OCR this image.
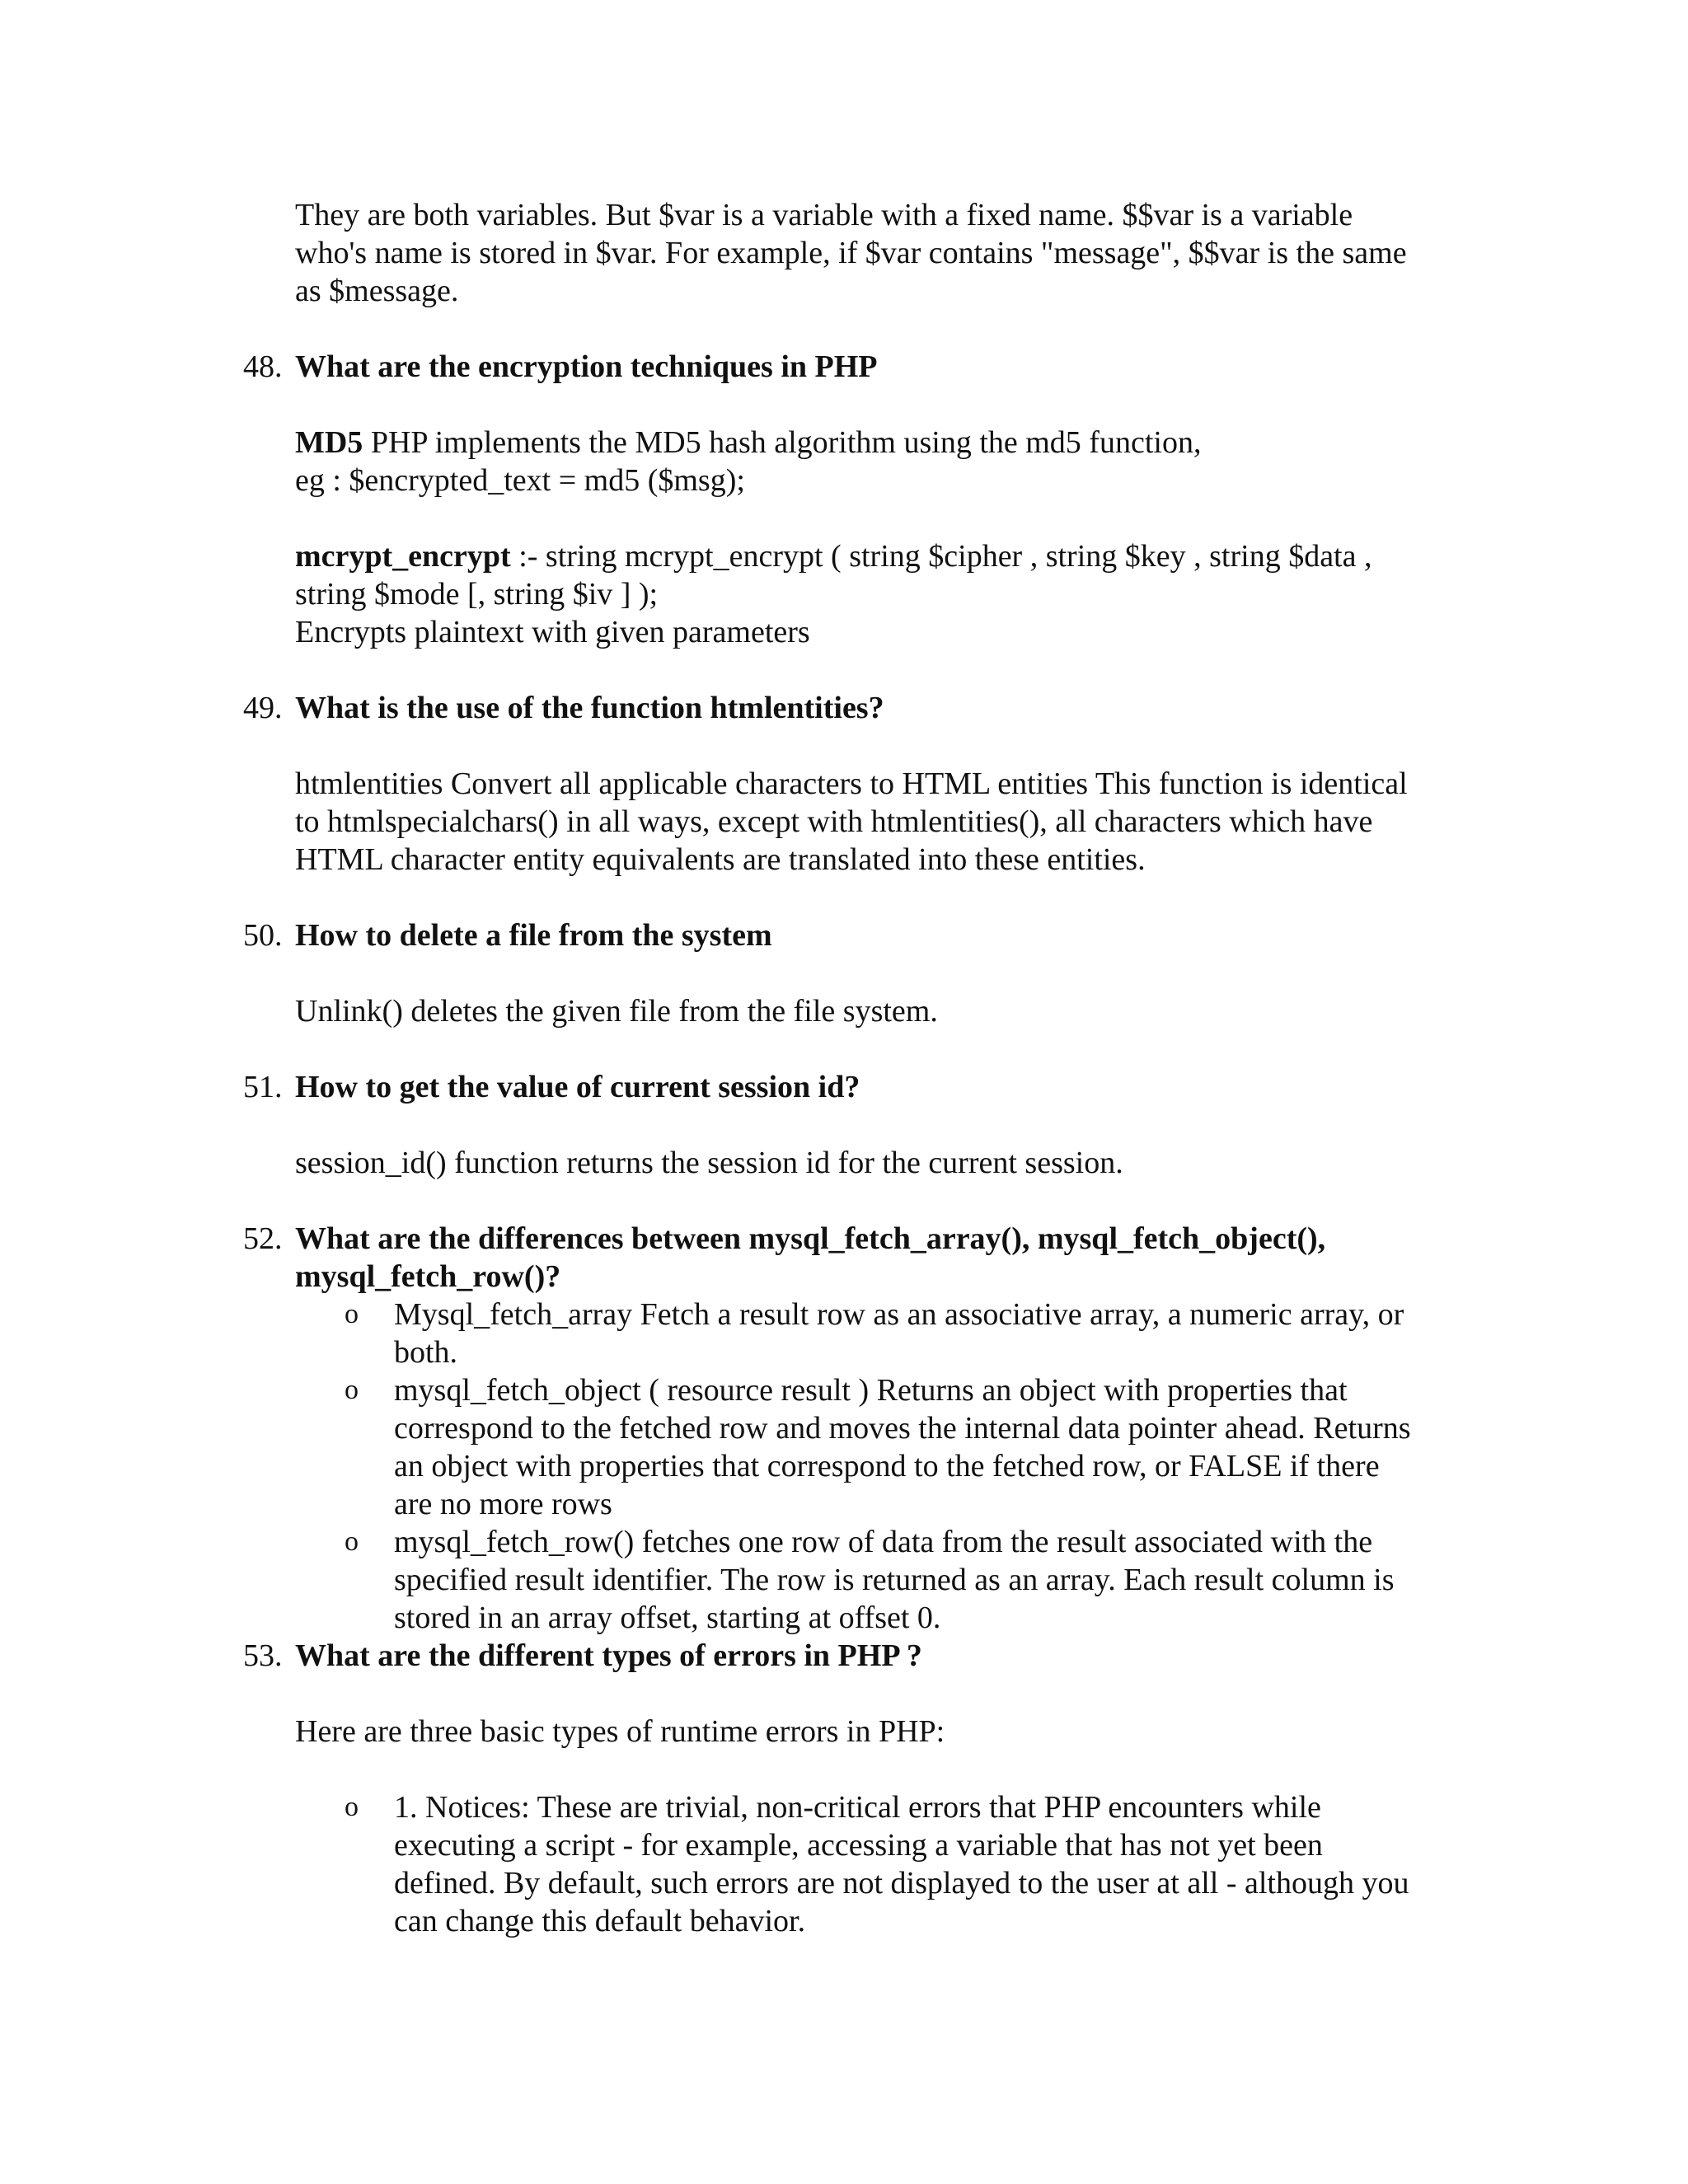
They are both variables. But $var is a variable with a fixed name. $$var is a variable
who's name is stored in $var. For example, if $var contains "message", $$var is the same
as $message.
48. What are the encryption techniques in PHP
MD5 PHP implements the MD5 hash algorithm using the md5 function,
eg : $encrypted_text = md5 ($msg);
mcrypt_encrypt :- string mcrypt_encrypt ( string $cipher , string $key , string $data ,
string $mode [, string $iv ] );
Encrypts plaintext with given parameters
49. What is the use of the function htmlentities?
htmlentities Convert all applicable characters to HTML entities This function is identical
to htmlspecialchars() in all ways, except with htmlentities(), all characters which have
HTML character entity equivalents are translated into these entities.
50. How to delete a file from the system
Unlink() deletes the given file from the file system.
51. How to get the value of current session id?
session_id() function returns the session id for the current session.
52. What are the differences between mysql_fetch_array(), mysql_fetch_object(),
mysql_fetch_row()?
o Mysql_fetch_array Fetch a result row as an associative array, a numeric array, or
both.
o mysql_fetch_object ( resource result ) Returns an object with properties that
correspond to the fetched row and moves the internal data pointer ahead. Returns
an object with properties that correspond to the fetched row, or FALSE if there
are no more rows
o mysql_fetch_row() fetches one row of data from the result associated with the
specified result identifier. The row is returned as an array. Each result column is
stored in an array offset, starting at offset 0.
53. What are the different types of errors in PHP ?
Here are three basic types of runtime errors in PHP:
o 1. Notices: These are trivial, non-critical errors that PHP encounters while
executing a script - for example, accessing a variable that has not yet been
defined. By default, such errors are not displayed to the user at all - although you
can change this default behavior.
